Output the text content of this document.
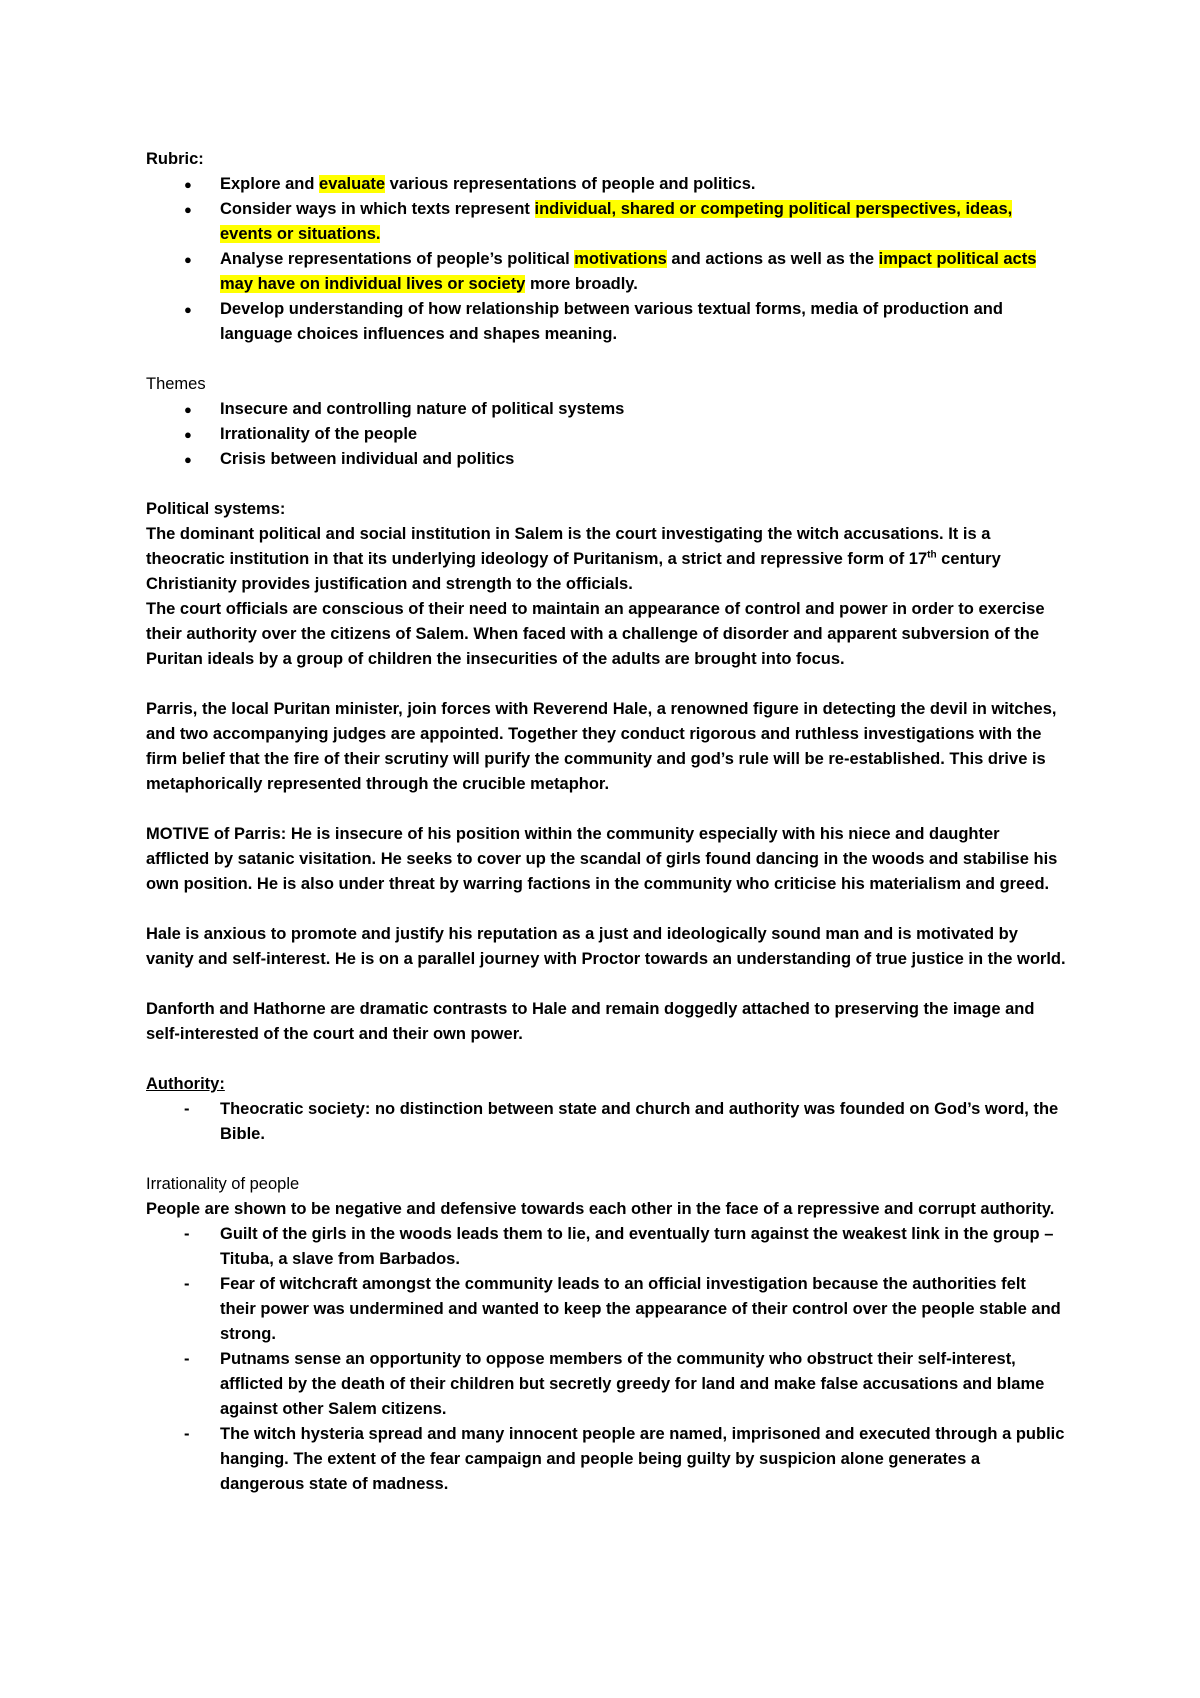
Rubric:

● Explore and evaluate various representations of people and politics.
● Consider ways in which texts represent individual, shared or competing political perspectives, ideas, events or situations.
● Analyse representations of people’s political motivations and actions as well as the impact political acts may have on individual lives or society more broadly.
● Develop understanding of how relationship between various textual forms, media of production and language choices influences and shapes meaning.

Themes

● Insecure and controlling nature of political systems
● Irrationality of the people
● Crisis between individual and politics

Political systems:

The dominant political and social institution in Salem is the court investigating the witch accusations. It is a theocratic institution in that its underlying ideology of Puritanism, a strict and repressive form of 17th century Christianity provides justification and strength to the officials.

The court officials are conscious of their need to maintain an appearance of control and power in order to exercise their authority over the citizens of Salem. When faced with a challenge of disorder and apparent subversion of the Puritan ideals by a group of children the insecurities of the adults are brought into focus.

Parris, the local Puritan minister, join forces with Reverend Hale, a renowned figure in detecting the devil in witches, and two accompanying judges are appointed. Together they conduct rigorous and ruthless investigations with the firm belief that the fire of their scrutiny will purify the community and god’s rule will be re-established. This drive is metaphorically represented through the crucible metaphor.

MOTIVE of Parris: He is insecure of his position within the community especially with his niece and daughter afflicted by satanic visitation. He seeks to cover up the scandal of girls found dancing in the woods and stabilise his own position. He is also under threat by warring factions in the community who criticise his materialism and greed.

Hale is anxious to promote and justify his reputation as a just and ideologically sound man and is motivated by vanity and self-interest. He is on a parallel journey with Proctor towards an understanding of true justice in the world.

Danforth and Hathorne are dramatic contrasts to Hale and remain doggedly attached to preserving the image and self-interested of the court and their own power.

Authority:

- Theocratic society: no distinction between state and church and authority was founded on God’s word, the Bible.

Irrationality of people

People are shown to be negative and defensive towards each other in the face of a repressive and corrupt authority.

- Guilt of the girls in the woods leads them to lie, and eventually turn against the weakest link in the group – Tituba, a slave from Barbados.
- Fear of witchcraft amongst the community leads to an official investigation because the authorities felt their power was undermined and wanted to keep the appearance of their control over the people stable and strong.
- Putnams sense an opportunity to oppose members of the community who obstruct their self-interest, afflicted by the death of their children but secretly greedy for land and make false accusations and blame against other Salem citizens.
- The witch hysteria spread and many innocent people are named, imprisoned and executed through a public hanging. The extent of the fear campaign and people being guilty by suspicion alone generates a dangerous state of madness.
